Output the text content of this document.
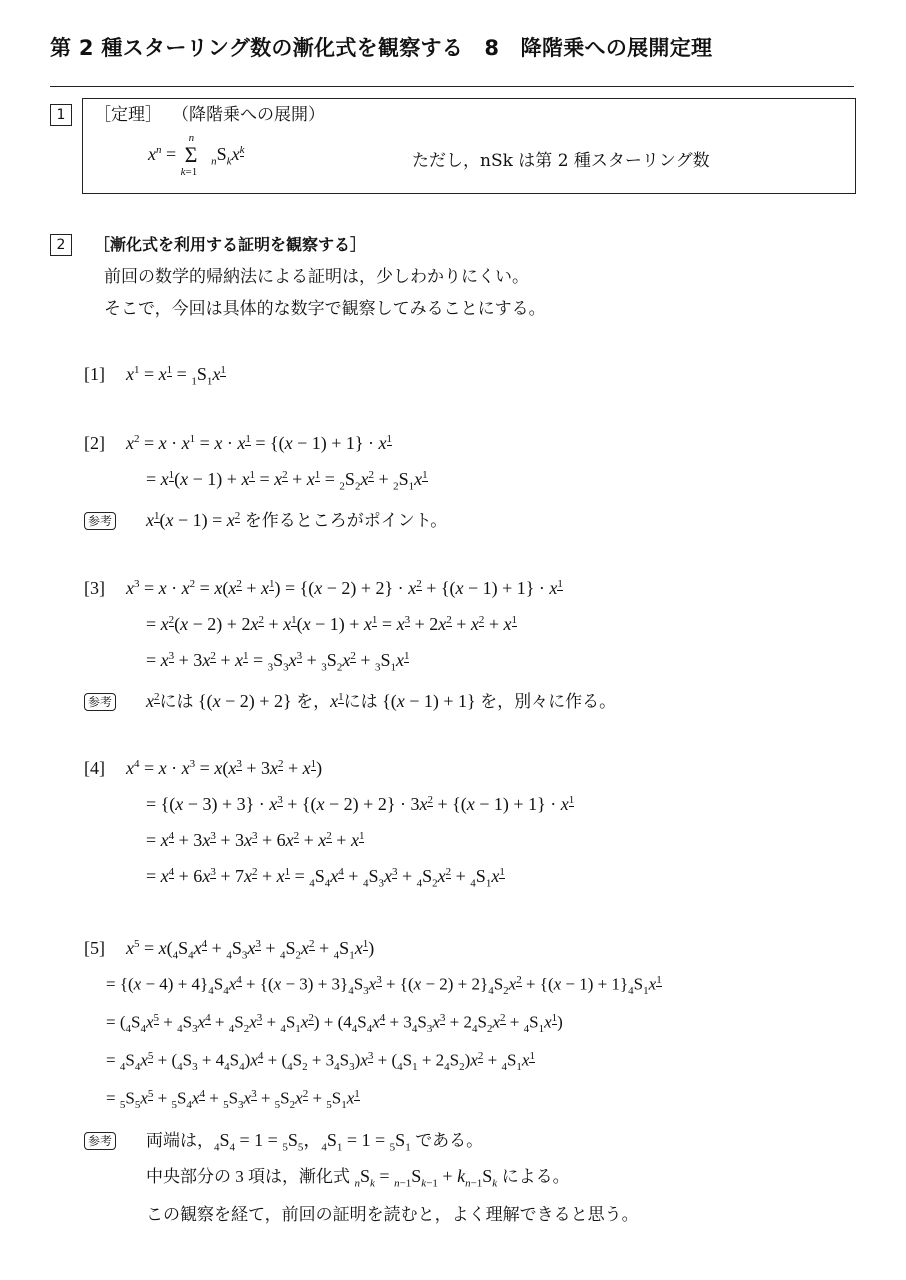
第 2 種スターリング数の漸化式を観察する　8　降階乗への展開定理
1	［定理］ （降階乗への展開）
$x^n$ =
n
Σ
k=1
$_nS_kx^k$
ただし，nSk は第 2 種スターリング数
2	［漸化式を利用する証明を観察する］
前回の数学的帰納法による証明は，少しわかりにくい。
そこで，今回は具体的な数字で観察してみることにする。
[1] $x^1 = x^1 = _1S_1x^1$
[2] $x^2 = x \cdot x^1 = x \cdot x^1 = \{(x - 1) + 1\} \cdot x^1$
= $x^1(x - 1) + x^1 = x^2 + x^1 = _2S_2x^2 + _2S_1x^1$
参考 $x^1(x - 1) = x^2$ を作るところがポイント。
[3] $x^3 = x \cdot x^2 = x(x^2 + x^1) = \{(x - 2) + 2\} \cdot x^2 + \{(x - 1) + 1\} \cdot x^1$
= $x^2(x - 2) + 2x^2 + x^1(x - 1) + x^1 = x^3 + 2x^2 + x^2 + x^1$
= $x^3 + 3x^2 + x^1 = _3S_3x^3 + _3S_2x^2 + _3S_1x^1$
参考 $x^2$には {(x − 2) + 2} を，$x^1$には {(x − 1) + 1} を，別々に作る。
[4] $x^4 = x \cdot x^3 = x(x^3 + 3x^2 + x^1)$
= $\{(x - 3) + 3\} \cdot x^3 + \{(x - 2) + 2\} \cdot 3x^2 + \{(x - 1) + 1\} \cdot x^1$
= $x^4 + 3x^3 + 3x^3 + 6x^2 + x^2 + x^1$
= $x^4 + 6x^3 + 7x^2 + x^1 = _4S_4x^4 + _4S_3x^3 + _4S_2x^2 + _4S_1x^1$
[5] $x^5 = x(_4S_4x^4 + _4S_3x^3 + _4S_2x^2 + _4S_1x^1)$
= $\{(x - 4) + 4\}_4S_4x^4 + \{(x - 3) + 3\}_4S_3x^3 + \{(x - 2) + 2\}_4S_2x^2 + \{(x - 1) + 1\}_4S_1x^1$
= $(_4S_4x^5 + _4S_3x^4 + _4S_2x^3 + _4S_1x^2) + (4_4S_4x^4 + 3_4S_3x^3 + 2_4S_2x^2 + _4S_1x^1)$
= $_4S_4x^5 + (_4S_3 + 4_4S_4)x^4 + (_4S_2 + 3_4S_3)x^3 + (_4S_1 + 2_4S_2)x^2 + _4S_1x^1$
= $_5S_5x^5 + _5S_4x^4 + _5S_3x^3 + _5S_2x^2 + _5S_1x^1$
参考 両端は，$_4S_4 = 1 = _5S_5$，$_4S_1 = 1 = _5S_1$ である。
中央部分の 3 項は，漸化式 $_nS_k = _{n-1}S_{k-1} + k_{n-1}S_k$ による。
この観察を経て，前回の証明を読むと，よく理解できると思う。
